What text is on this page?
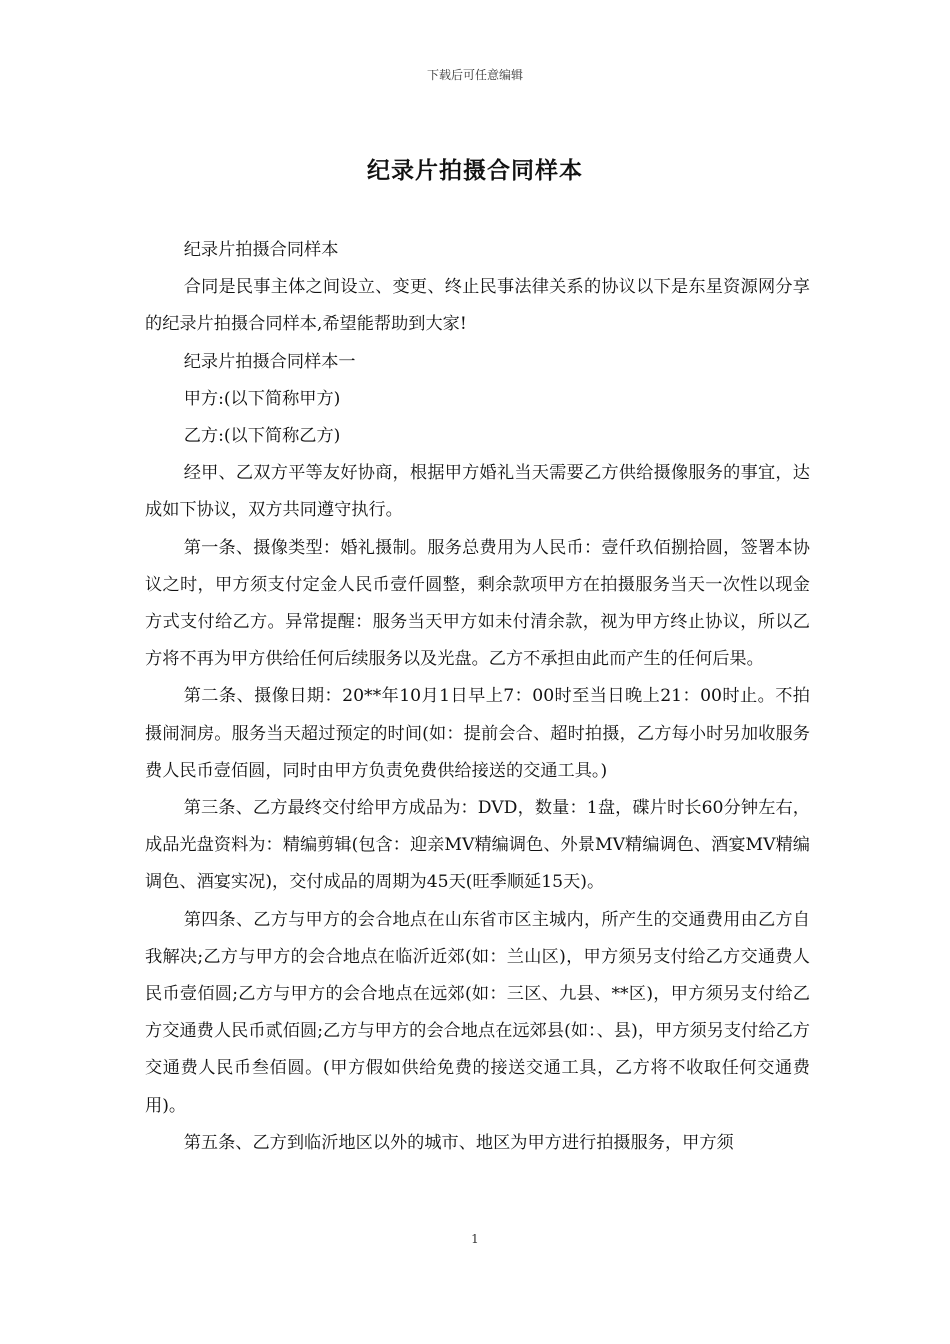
下载后可任意编辑
纪录片拍摄合同样本

纪录片拍摄合同样本

合同是民事主体之间设立、变更、终止民事法律关系的协议以下是东星资源网分享的纪录片拍摄合同样本,希望能帮助到大家!

纪录片拍摄合同样本一

甲方:(以下简称甲方)

乙方:(以下简称乙方)

经甲、乙双方平等友好协商，根据甲方婚礼当天需要乙方供给摄像服务的事宜，达成如下协议，双方共同遵守执行。

第一条、摄像类型：婚礼摄制。服务总费用为人民币：壹仟玖佰捌拾圆，签署本协议之时，甲方须支付定金人民币壹仟圆整，剩余款项甲方在拍摄服务当天一次性以现金方式支付给乙方。异常提醒：服务当天甲方如未付清余款，视为甲方终止协议，所以乙方将不再为甲方供给任何后续服务以及光盘。乙方不承担由此而产生的任何后果。

第二条、摄像日期：20**年10月1日早上7：00时至当日晚上21：00时止。不拍摄闹洞房。服务当天超过预定的时间(如：提前会合、超时拍摄，乙方每小时另加收服务费人民币壹佰圆，同时由甲方负责免费供给接送的交通工具。)

第三条、乙方最终交付给甲方成品为：DVD，数量：1盘，碟片时长60分钟左右，成品光盘资料为：精编剪辑(包含：迎亲MV精编调色、外景MV精编调色、酒宴MV精编调色、酒宴实况)，交付成品的周期为45天(旺季顺延15天)。

第四条、乙方与甲方的会合地点在山东省市区主城内，所产生的交通费用由乙方自我解决;乙方与甲方的会合地点在临沂近郊(如：兰山区)，甲方须另支付给乙方交通费人民币壹佰圆;乙方与甲方的会合地点在远郊(如：三区、九县、**区)，甲方须另支付给乙方交通费人民币贰佰圆;乙方与甲方的会合地点在远郊县(如：、县)，甲方须另支付给乙方交通费人民币叁佰圆。(甲方假如供给免费的接送交通工具，乙方将不收取任何交通费用)。

第五条、乙方到临沂地区以外的城市、地区为甲方进行拍摄服务，甲方须

1
